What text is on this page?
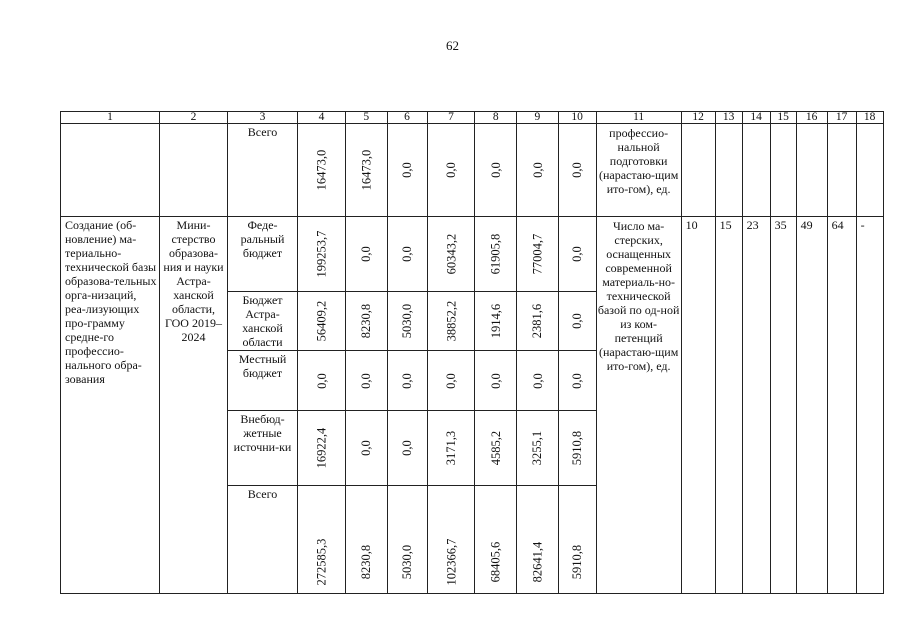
62
1	2	3	4	5	6	7	8	9	10	11	12	13	14	15	16	17	18
		Всего	16473,0	16473,0	0,0	0,0	0,0	0,0	0,0	профессио-нальной подготовки (нарастаю-щим ито-гом), ед.							
Создание (об-новление) ма-териально-технической базы образова-тельных орга-низаций, реа-лизующих про-грамму средне-го профессио-нального обра-зования	Мини-стерство образова-ния и науки Астра-ханской области, ГОО 2019–2024	Феде-ральный бюджет	199253,7	0,0	0,0	60343,2	61905,8	77004,7	0,0	Число ма-стерских, оснащенных современной материаль-но-технической базой по од-ной из ком-петенций (нарастаю-щим ито-гом), ед.	10	15	23	35	49	64	-
		Бюджет Астра-ханской области	56409,2	8230,8	5030,0	38852,2	1914,6	2381,6	0,0								
		Местный бюджет	0,0	0,0	0,0	0,0	0,0	0,0	0,0								
		Внебюд-жетные источни-ки	16922,4	0,0	0,0	3171,3	4585,2	3255,1	5910,8								
		Всего	272585,3	8230,8	5030,0	102366,7	68405,6	82641,4	5910,8								
